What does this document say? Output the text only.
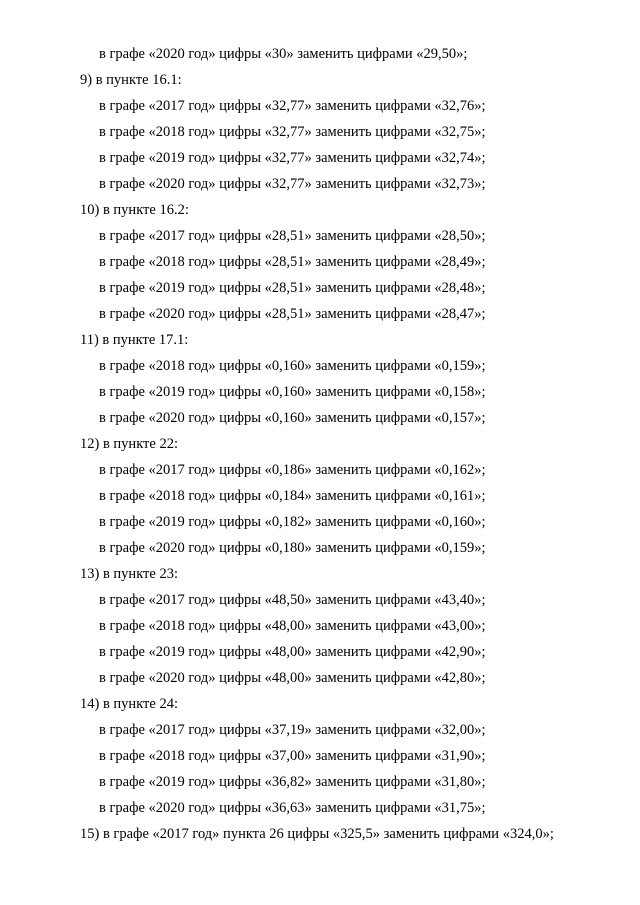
в графе «2020 год» цифры «30» заменить цифрами «29,50»;
9) в пункте 16.1:
в графе «2017 год» цифры «32,77» заменить цифрами «32,76»;
в графе «2018 год» цифры «32,77» заменить цифрами «32,75»;
в графе «2019 год» цифры «32,77» заменить цифрами «32,74»;
в графе «2020 год» цифры «32,77» заменить цифрами «32,73»;
10) в пункте 16.2:
в графе «2017 год» цифры «28,51» заменить цифрами «28,50»;
в графе «2018 год» цифры «28,51» заменить цифрами «28,49»;
в графе «2019 год» цифры «28,51» заменить цифрами «28,48»;
в графе «2020 год» цифры «28,51» заменить цифрами «28,47»;
11) в пункте 17.1:
в графе «2018 год» цифры «0,160» заменить цифрами «0,159»;
в графе «2019 год» цифры «0,160» заменить цифрами «0,158»;
в графе «2020 год» цифры «0,160» заменить цифрами «0,157»;
12) в пункте 22:
в графе «2017 год» цифры «0,186» заменить цифрами «0,162»;
в графе «2018 год» цифры «0,184» заменить цифрами «0,161»;
в графе «2019 год» цифры «0,182» заменить цифрами «0,160»;
в графе «2020 год» цифры «0,180» заменить цифрами «0,159»;
13) в пункте 23:
в графе «2017 год» цифры «48,50» заменить цифрами «43,40»;
в графе «2018 год» цифры «48,00» заменить цифрами «43,00»;
в графе «2019 год» цифры «48,00» заменить цифрами «42,90»;
в графе «2020 год» цифры «48,00» заменить цифрами «42,80»;
14) в пункте 24:
в графе «2017 год» цифры «37,19» заменить цифрами «32,00»;
в графе «2018 год» цифры «37,00» заменить цифрами «31,90»;
в графе «2019 год» цифры «36,82» заменить цифрами «31,80»;
в графе «2020 год» цифры «36,63» заменить цифрами «31,75»;
15) в графе «2017 год» пункта 26 цифры «325,5» заменить цифрами «324,0»;
